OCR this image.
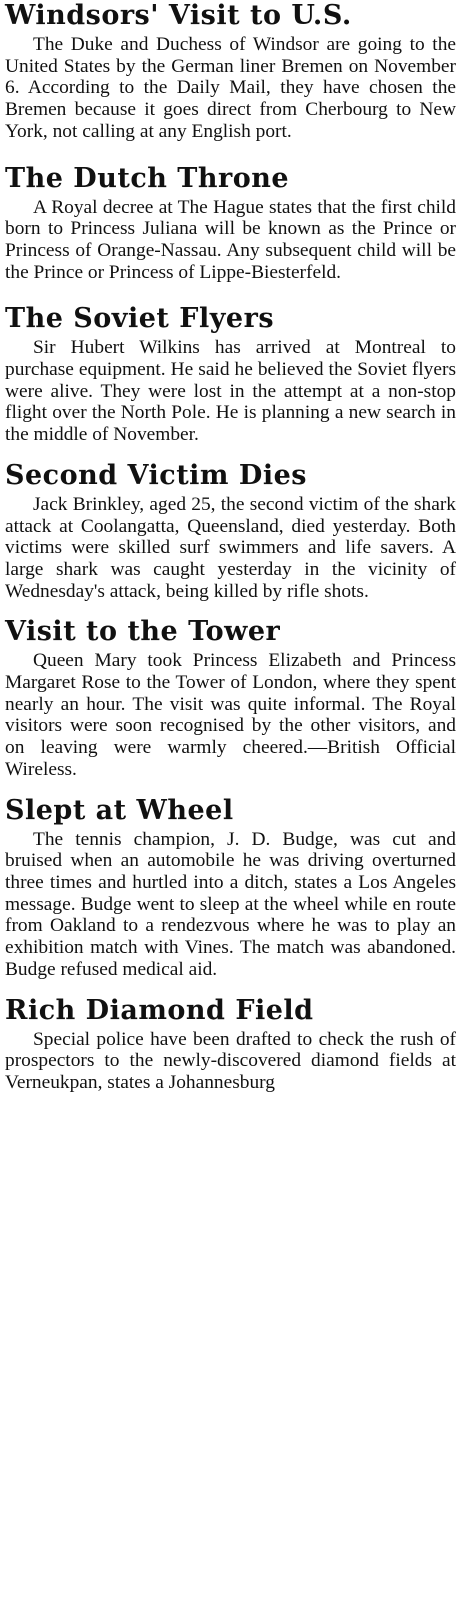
Windsors' Visit to U.S.

The Duke and Duchess of Windsor are going to the United States by the German liner Bremen on November 6. According to the Daily Mail, they have chosen the Bremen because it goes direct from Cherbourg to New York, not calling at any English port.

The Dutch Throne

A Royal decree at The Hague states that the first child born to Princess Juliana will be known as the Prince or Princess of Orange-Nassau. Any subsequent child will be the Prince or Princess of Lippe-Biesterfeld.

The Soviet Flyers

Sir Hubert Wilkins has arrived at Montreal to purchase equipment. He said he believed the Soviet flyers were alive. They were lost in the attempt at a non-stop flight over the North Pole. He is planning a new search in the middle of November.

Second Victim Dies

Jack Brinkley, aged 25, the second victim of the shark attack at Coolangatta, Queensland, died yesterday. Both victims were skilled surf swimmers and life savers. A large shark was caught yesterday in the vicinity of Wednesday's attack, being killed by rifle shots.

Visit to the Tower

Queen Mary took Princess Elizabeth and Princess Margaret Rose to the Tower of London, where they spent nearly an hour. The visit was quite informal. The Royal visitors were soon recognised by the other visitors, and on leaving were warmly cheered.—British Official Wireless.

Slept at Wheel

The tennis champion, J. D. Budge, was cut and bruised when an automobile he was driving overturned three times and hurtled into a ditch, states a Los Angeles message. Budge went to sleep at the wheel while en route from Oakland to a rendezvous where he was to play an exhibition match with Vines. The match was abandoned. Budge refused medical aid.

Rich Diamond Field

Special police have been drafted to check the rush of prospectors to the newly-discovered diamond fields at Verneukpan, states a Johannesburg
